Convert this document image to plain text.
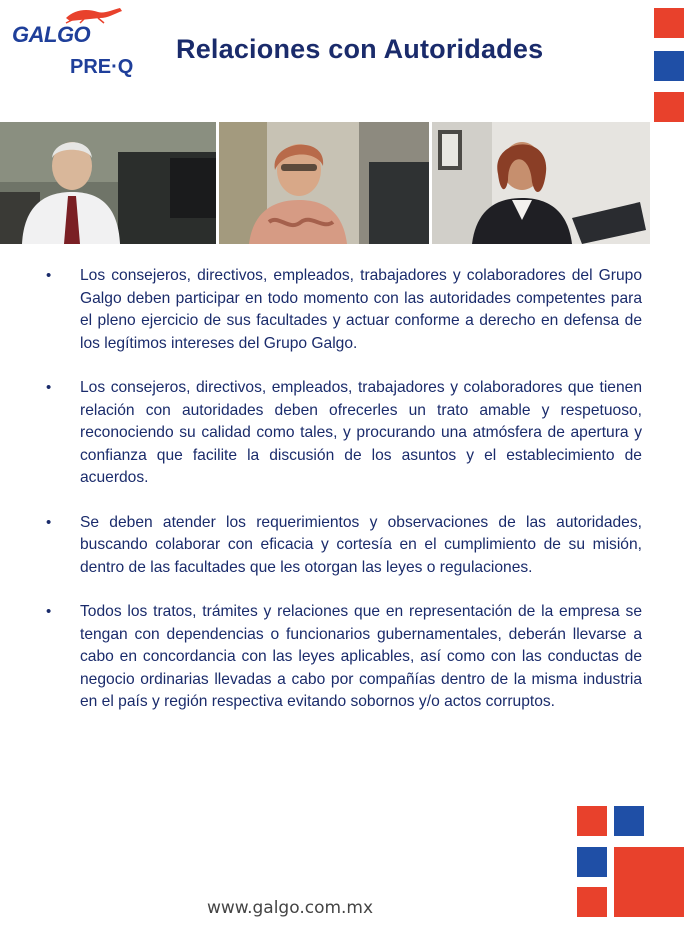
GALGO
PRE·Q
Relaciones con Autoridades
• Los consejeros, directivos, empleados, trabajadores y colaboradores del Grupo Galgo deben participar en todo momento con las autoridades competentes para el pleno ejercicio de sus facultades y actuar conforme a derecho en defensa de los legítimos intereses del Grupo Galgo.
• Los consejeros, directivos, empleados, trabajadores y colaboradores que tienen relación con autoridades deben ofrecerles un trato amable y respetuoso, reconociendo su calidad como tales, y procurando una atmósfera de apertura y confianza que facilite la discusión de los asuntos y el establecimiento de acuerdos.
• Se deben atender los requerimientos y observaciones de las autoridades, buscando colaborar con eficacia y cortesía en el cumplimiento de su misión, dentro de las facultades que les otorgan las leyes o regulaciones.
• Todos los tratos, trámites y relaciones que en representación de la empresa se tengan con dependencias o funcionarios gubernamentales, deberán llevarse a cabo en concordancia con las leyes aplicables, así como con las conductas de negocio ordinarias llevadas a cabo por compañías dentro de la misma industria en el país y región respectiva evitando sobornos y/o actos corruptos.
www.galgo.com.mx
